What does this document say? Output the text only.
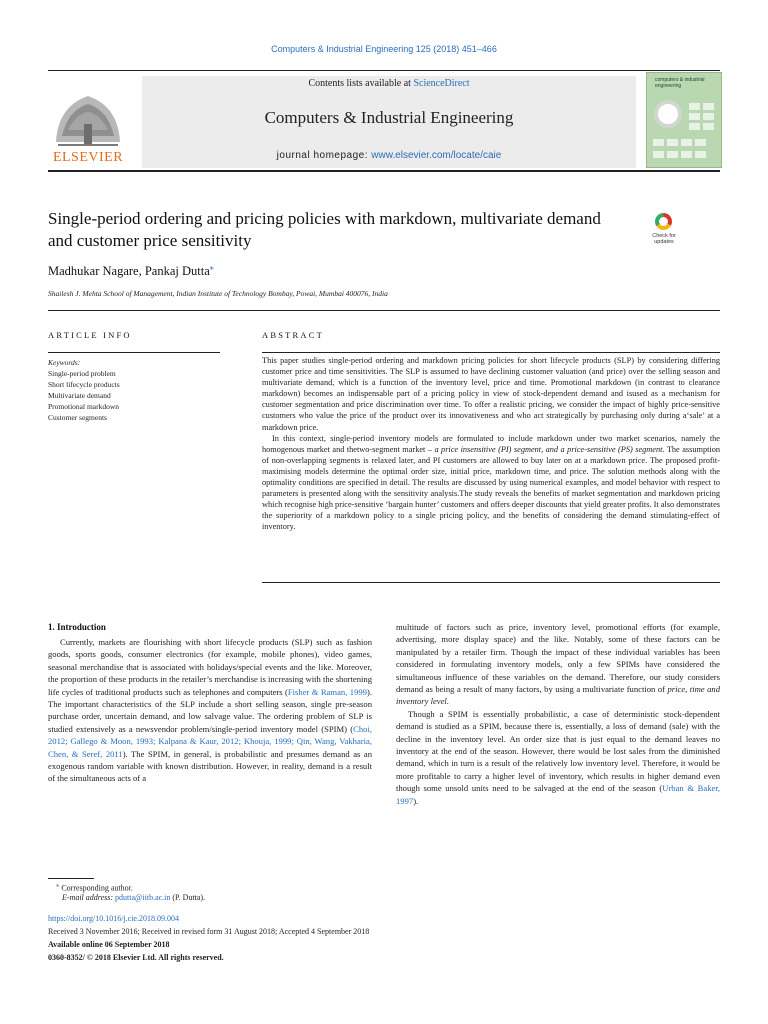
Computers & Industrial Engineering 125 (2018) 451–466
ELSEVIER
Contents lists available at ScienceDirect
Computers & Industrial Engineering
journal homepage: www.elsevier.com/locate/caie
computers & industrial engineering
Single-period ordering and pricing policies with markdown, multivariate demand and customer price sensitivity	Check for updates
Madhukar Nagare, Pankaj Dutta⁎
Shailesh J. Mehta School of Management, Indian Institute of Technology Bombay, Powai, Mumbai 400076, India
ARTICLE INFO	ABSTRACT
Keywords:
Single-period problem
Short lifecycle products
Multivariate demand
Promotional markdown
Customer segments

This paper studies single-period ordering and markdown pricing policies for short lifecycle products (SLP) by considering differing customer price and time sensitivities. The SLP is assumed to have declining customer valuation (and price) over the selling season and multivariate demand, which is a function of the inventory level, price and time. Promotional markdown (in contrast to clearance markdown) becomes an indispensable part of a pricing policy in view of stock-dependent demand and isused as a mechanism for customer segmentation and price discrimination over time. To offer a realistic pricing, we consider the impact of highly price-sensitive customers who value the price of the product over its innovativeness and who act strategically by purchasing only during a‘sale’ at a markdown price.

In this context, single-period inventory models are formulated to include markdown under two market scenarios, namely the homogenous market and thetwo-segment market – a price insensitive (PI) segment, and a price-sensitive (PS) segment. The assumption of non-overlapping segments is relaxed later, and PI customers are allowed to buy later on at a markdown price. The proposed profit-maximising models determine the optimal order size, initial price, markdown time, and price. The solution methods along with the optimality conditions are specified in detail. The results are discussed by using numerical examples, and model behavior with respect to parameters is presented along with the sensitivity analysis.The study reveals the benefits of market segmentation and markdown pricing which recognise high price-sensitive ‘bargain hunter’ customers and offers deeper discounts that yield greater profits. It also demonstrates the superiority of a markdown policy to a single pricing policy, and the benefits of considering the demand stimulating-effect of inventory.

1. Introduction

Currently, markets are flourishing with short lifecycle products (SLP) such as fashion goods, sports goods, consumer electronics (for example, mobile phones), video games, seasonal merchandise that is associated with holidays/special events and the like. Moreover, the proportion of these products in the retailer’s merchandise is increasing with the shortening life cycles of traditional products such as telephones and computers (Fisher & Raman, 1999). The important characteristics of the SLP include a short selling season, single pre-season purchase order, uncertain demand, and low salvage value. The ordering problem of SLP is studied extensively as a newsvendor problem/single-period inventory model (SPIM) (Choi, 2012; Gallego & Moon, 1993; Kalpana & Kaur, 2012; Khouja, 1999; Qin, Wang, Vakharia, Chen, & Seref, 2011). The SPIM, in general, is probabilistic and presumes demand as an exogenous random variable with known distribution. However, in reality, demand is a result of the simultaneous acts of a

multitude of factors such as price, inventory level, promotional efforts (for example, advertising, more display space) and the like. Notably, some of these factors can be manipulated by a retailer firm. Though the impact of these individual variables has been considered in formulating inventory models, only a few SPIMs have considered the simultaneous influence of these variables on the demand. Therefore, our study considers demand as being a result of many factors, by using a multivariate function of price, time and inventory level.

Though a SPIM is essentially probabilistic, a case of deterministic stock-dependent demand is studied as a SPIM, because there is, essentially, a loss of demand (sale) with the decline in the inventory level. An order size that is just equal to the demand leaves no inventory at the end of the season. However, there would be lost sales from the diminished demand, which in turn is a result of the relatively low inventory level. Therefore, it would be more profitable to carry a higher level of inventory, which results in higher demand even though some unsold units need to be salvaged at the end of the season (Urban & Baker, 1997).

⁎ Corresponding author.
E-mail address: pdutta@iitb.ac.in (P. Dutta).
https://doi.org/10.1016/j.cie.2018.09.004
Received 3 November 2016; Received in revised form 31 August 2018; Accepted 4 September 2018
Available online 06 September 2018
0360-8352/ © 2018 Elsevier Ltd. All rights reserved.
